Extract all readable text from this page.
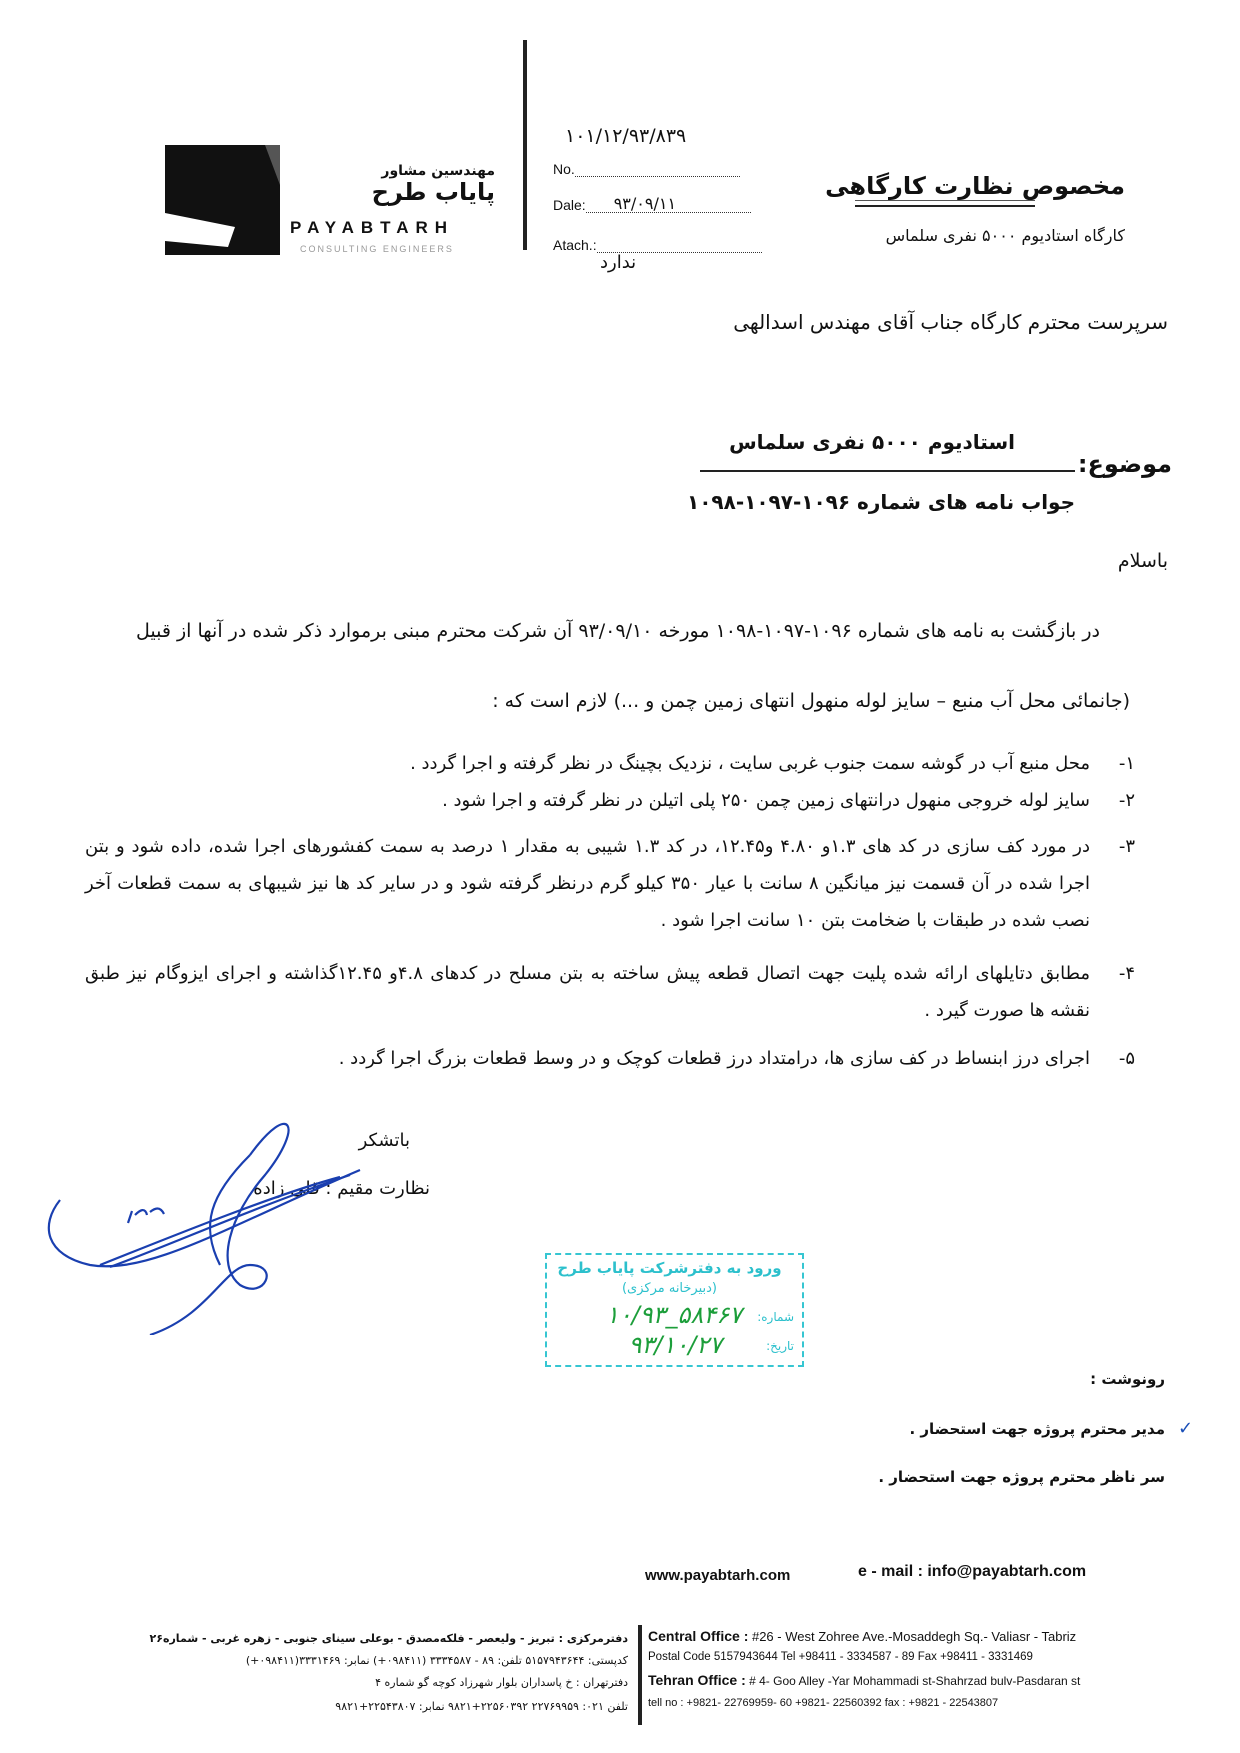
مهندسین مشاور
پایاب طرح
PAYABTARH
CONSULTING ENGINEERS
۱۰۱/۱۲/۹۳/۸۳۹
No.
Dale: ۹۳/۰۹/۱۱
Atach.:
ندارد
مخصوص نظارت کارگاهی
کارگاه استادیوم ۵۰۰۰ نفری سلماس
سرپرست محترم کارگاه جناب آقای مهندس اسدالهی
موضوع:
استادیوم ۵۰۰۰ نفری سلماس
جواب نامه های شماره ۱۰۹۶-۱۰۹۷-۱۰۹۸
باسلام
در بازگشت به نامه های شماره ۱۰۹۶-۱۰۹۷-۱۰۹۸ مورخه ۹۳/۰۹/۱۰ آن شرکت محترم مبنی برموارد ذکر شده در آنها از قبیل
(جانمائی محل آب منبع – سایز لوله منهول انتهای زمین چمن و ...) لازم است که :
۱-
محل منبع آب در گوشه سمت جنوب غربی سایت ، نزدیک بچینگ در نظر گرفته و اجرا گردد .
۲-
سایز لوله خروجی منهول درانتهای زمین چمن ۲۵۰ پلی اتیلن در نظر گرفته و اجرا شود .
۳-
در مورد کف سازی در کد های ۱.۳و ۴.۸۰ و۱۲.۴۵، در کد ۱.۳ شیبی به مقدار ۱ درصد به سمت کفشورهای اجرا شده، داده شود و بتن اجرا شده در آن قسمت نیز میانگین ۸ سانت با عیار ۳۵۰ کیلو گرم درنظر گرفته شود و در سایر کد ها نیز شیبهای به سمت قطعات آخر نصب شده در طبقات با ضخامت بتن ۱۰ سانت اجرا شود .
۴-
مطابق دتایلهای ارائه شده پلیت جهت اتصال قطعه پیش ساخته به بتن مسلح در کدهای ۴.۸و ۱۲.۴۵گذاشته و اجرای ایزوگام نیز طبق نقشه ها صورت گیرد .
۵-
اجرای درز ابنساط در کف سازی ها، درامتداد درز قطعات کوچک و در وسط قطعات بزرگ اجرا گردد .
باتشکر
نظارت مقیم : قلی زاده
ورود به دفترشرکت پایاب طرح
(دبیرخانه مرکزی)
شماره:
۱۰/۹۳_۵۸۴۶۷
تاریخ:
۹۳/۱۰/۲۷
رونوشت :
✓
مدیر محترم پروژه جهت استحضار .
سر ناظر محترم پروژه جهت استحضار .
www.payabtarh.com	e - mail : info@payabtarh.com
Central Office : #26 - West Zohree Ave.-Mosaddegh Sq.- Valiasr - Tabriz
Postal Code 5157943644 Tel +98411 - 3334587 - 89 Fax +98411 - 3331469
Tehran Office : # 4- Goo Alley -Yar Mohammadi st-Shahrzad bulv-Pasdaran st
tell no : +9821- 22769959- 60 +9821- 22560392 fax : +9821 - 22543807
دفترمرکزی : تبریز - ولیعصر - فلکه‌مصدق - بوعلی سینای جنوبی - زهره غربی - شماره۲۶
کدپستی: ۵۱۵۷۹۴۳۶۴۴ تلفن: ۸۹ - ۳۳۳۴۵۸۷ (۰۹۸۴۱۱+) نمابر: ۳۳۳۱۴۶۹(۰۹۸۴۱۱+)
دفترتهران : خ پاسداران بلوار شهرزاد کوچه گو شماره ۴
تلفن ۰۲۱: ۲۲۷۶۹۹۵۹ ۲۲۵۶۰۳۹۲+۹۸۲۱ نمابر: ۲۲۵۴۳۸۰۷+۹۸۲۱
